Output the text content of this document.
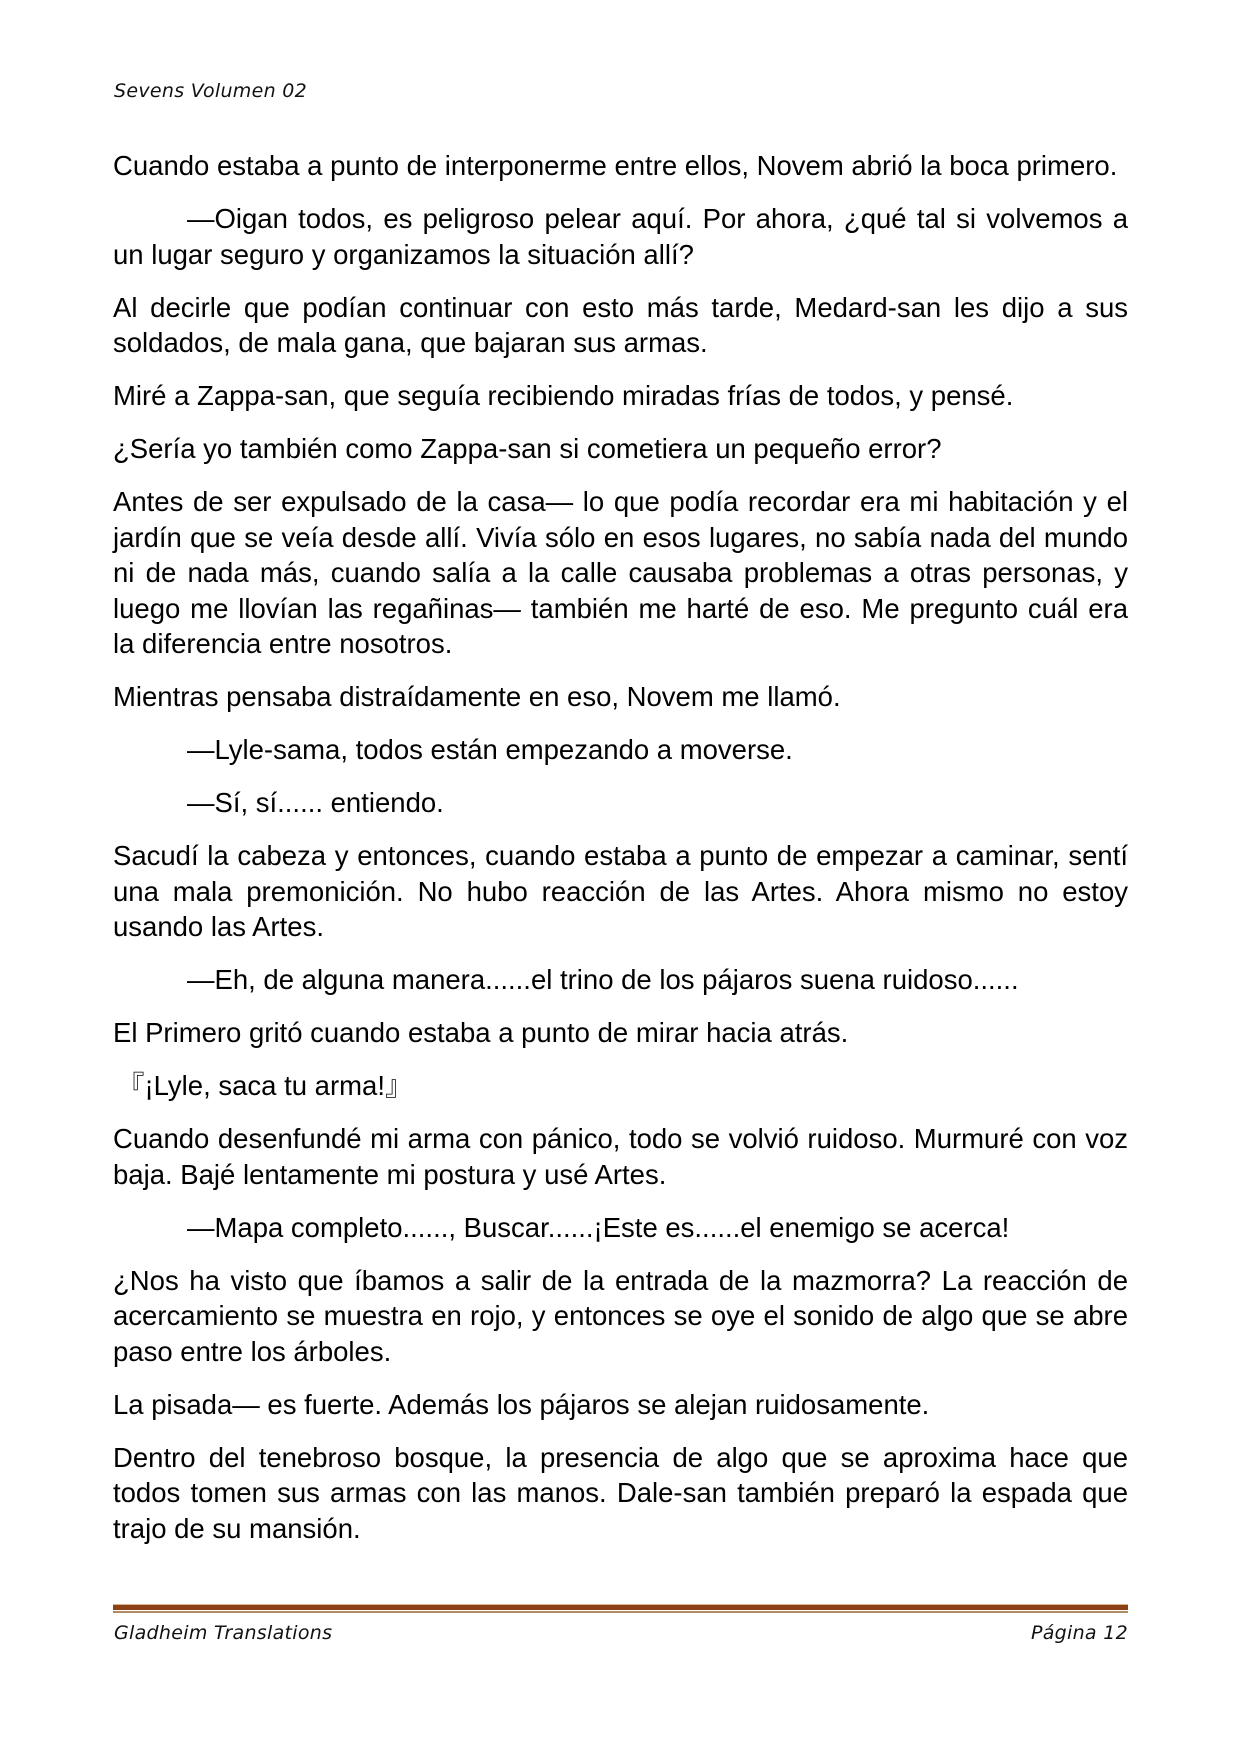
Sevens Volumen 02

Cuando estaba a punto de interponerme entre ellos, Novem abrió la boca primero.

—Oigan todos, es peligroso pelear aquí. Por ahora, ¿qué tal si volvemos a un lugar seguro y organizamos la situación allí?

Al decirle que podían continuar con esto más tarde, Medard-san les dijo a sus soldados, de mala gana, que bajaran sus armas.

Miré a Zappa-san, que seguía recibiendo miradas frías de todos, y pensé.

¿Sería yo también como Zappa-san si cometiera un pequeño error?

Antes de ser expulsado de la casa— lo que podía recordar era mi habitación y el jardín que se veía desde allí. Vivía sólo en esos lugares, no sabía nada del mundo ni de nada más, cuando salía a la calle causaba problemas a otras personas, y luego me llovían las regañinas— también me harté de eso. Me pregunto cuál era la diferencia entre nosotros.

Mientras pensaba distraídamente en eso, Novem me llamó.

—Lyle-sama, todos están empezando a moverse.

—Sí, sí...... entiendo.

Sacudí la cabeza y entonces, cuando estaba a punto de empezar a caminar, sentí una mala premonición. No hubo reacción de las Artes. Ahora mismo no estoy usando las Artes.

—Eh, de alguna manera......el trino de los pájaros suena ruidoso......

El Primero gritó cuando estaba a punto de mirar hacia atrás.

『¡Lyle, saca tu arma!』

Cuando desenfundé mi arma con pánico, todo se volvió ruidoso. Murmuré con voz baja. Bajé lentamente mi postura y usé Artes.

—Mapa completo......, Buscar......¡Este es......el enemigo se acerca!

¿Nos ha visto que íbamos a salir de la entrada de la mazmorra? La reacción de acercamiento se muestra en rojo, y entonces se oye el sonido de algo que se abre paso entre los árboles.

La pisada— es fuerte. Además los pájaros se alejan ruidosamente.

Dentro del tenebroso bosque, la presencia de algo que se aproxima hace que todos tomen sus armas con las manos. Dale-san también preparó la espada que trajo de su mansión.

Gladheim Translations	Página 12
